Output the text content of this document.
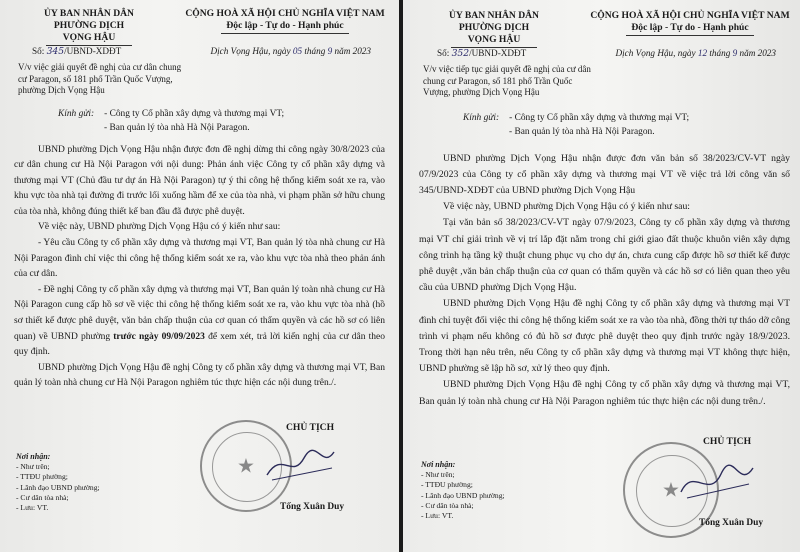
ỦY BAN NHÂN DÂN

PHƯỜNG DỊCH VỌNG HẬU
CỘNG HOÀ XÃ HỘI CHỦ NGHĨA VIỆT NAM

Độc lập - Tự do - Hạnh phúc
Số: 345/UBND-XDĐT	Dịch Vọng Hậu, ngày 05 tháng 9 năm 2023
V/v việc giải quyết đề nghị của cư dân chung cư Paragon, số 181 phố Trần Quốc Vượng, phường Dịch Vọng Hậu
Kính gửi: - Công ty Cổ phần xây dựng và thương mại VT;
- Ban quản lý tòa nhà Hà Nội Paragon.

UBND phường Dịch Vọng Hậu nhận được đơn đề nghị dừng thi công ngày 30/8/2023 của cư dân chung cư Hà Nội Paragon với nội dung: Phản ánh việc Công ty cổ phần xây dựng và thương mại VT (Chủ đầu tư dự án Hà Nội Paragon) tự ý thi công hệ thống kiểm soát xe ra, vào khu vực tòa nhà tại đường đi trước lối xuống hầm để xe của tòa nhà, vi phạm phần sở hữu chung của tòa nhà, không đúng thiết kế ban đầu đã được phê duyệt.

Về việc này, UBND phường Dịch Vọng Hậu có ý kiến như sau:

- Yêu cầu Công ty cổ phần xây dựng và thương mại VT, Ban quản lý tòa nhà chung cư Hà Nội Paragon đình chỉ việc thi công hệ thống kiểm soát xe ra, vào khu vực tòa nhà theo phản ánh của cư dân.

- Đề nghị Công ty cổ phần xây dựng và thương mại VT, Ban quản lý toàn nhà chung cư Hà Nội Paragon cung cấp hồ sơ về việc thi công hệ thống kiểm soát xe ra, vào khu vực tòa nhà (hồ sơ thiết kế được phê duyệt, văn bản chấp thuận của cơ quan có thẩm quyền và các hồ sơ có liên quan) về UBND phường trước ngày 09/09/2023 để xem xét, trả lời kiến nghị của cư dân theo quy định.

UBND phường Dịch Vọng Hậu đề nghị Công ty cổ phần xây dựng và thương mại VT, Ban quản lý toàn nhà chung cư Hà Nội Paragon nghiêm túc thực hiện các nội dung trên./.

Nơi nhận:
- Như trên;
- TTĐU phường;
- Lãnh đạo UBND phường;
- Cư dân tòa nhà;
- Lưu: VT.
★
CHỦ TỊCH
Tống Xuân Duy
ỦY BAN NHÂN DÂN

PHƯỜNG DỊCH VỌNG HẬU
CỘNG HOÀ XÃ HỘI CHỦ NGHĨA VIỆT NAM

Độc lập - Tự do - Hạnh phúc
Số: 352/UBND-XDĐT	Dịch Vọng Hậu, ngày 12 tháng 9 năm 2023
V/v việc tiếp tục giải quyết đề nghị của cư dân chung cư Paragon, số 181 phố Trần Quốc Vượng, phường Dịch Vọng Hậu
Kính gửi: - Công ty Cổ phần xây dựng và thương mại VT;
- Ban quản lý tòa nhà Hà Nội Paragon.

UBND phường Dịch Vọng Hậu nhận được đơn văn bản số 38/2023/CV-VT ngày 07/9/2023 của Công ty cổ phần xây dựng và thương mại VT về việc trả lời công văn số 345/UBND-XDĐT của UBND phường Dịch Vọng Hậu

Về việc này, UBND phường Dịch Vọng Hậu có ý kiến như sau:

Tại văn bản số 38/2023/CV-VT ngày 07/9/2023, Công ty cổ phần xây dựng và thương mại VT chỉ giải trình về vị trí lắp đặt nằm trong chỉ giới giao đất thuộc khuôn viên xây dựng công trình hạ tầng kỹ thuật chung phục vụ cho dự án, chưa cung cấp được hồ sơ thiết kế được phê duyệt ,văn bản chấp thuận của cơ quan có thẩm quyền và các hồ sơ có liên quan theo yêu cầu của UBND phường Dịch Vọng Hậu.

UBND phường Dịch Vọng Hậu đề nghị Công ty cổ phần xây dựng và thương mại VT đình chỉ tuyệt đối việc thi công hệ thống kiểm soát xe ra vào tòa nhà, đồng thời tự tháo dỡ công trình vi phạm nếu không có đủ hồ sơ được phê duyệt theo quy định trước ngày 18/9/2023. Trong thời hạn nêu trên, nếu Công ty cổ phần xây dựng và thương mại VT không thực hiện, UBND phường sẽ lập hồ sơ, xử lý theo quy định.

UBND phường Dịch Vọng Hậu đề nghị Công ty cổ phần xây dựng và thương mại VT, Ban quản lý toàn nhà chung cư Hà Nội Paragon nghiêm túc thực hiện các nội dung trên./.

Nơi nhận:
- Như trên;
- TTĐU phường;
- Lãnh đạo UBND phường;
- Cư dân tòa nhà;
- Lưu: VT.
★
CHỦ TỊCH
Tống Xuân Duy
